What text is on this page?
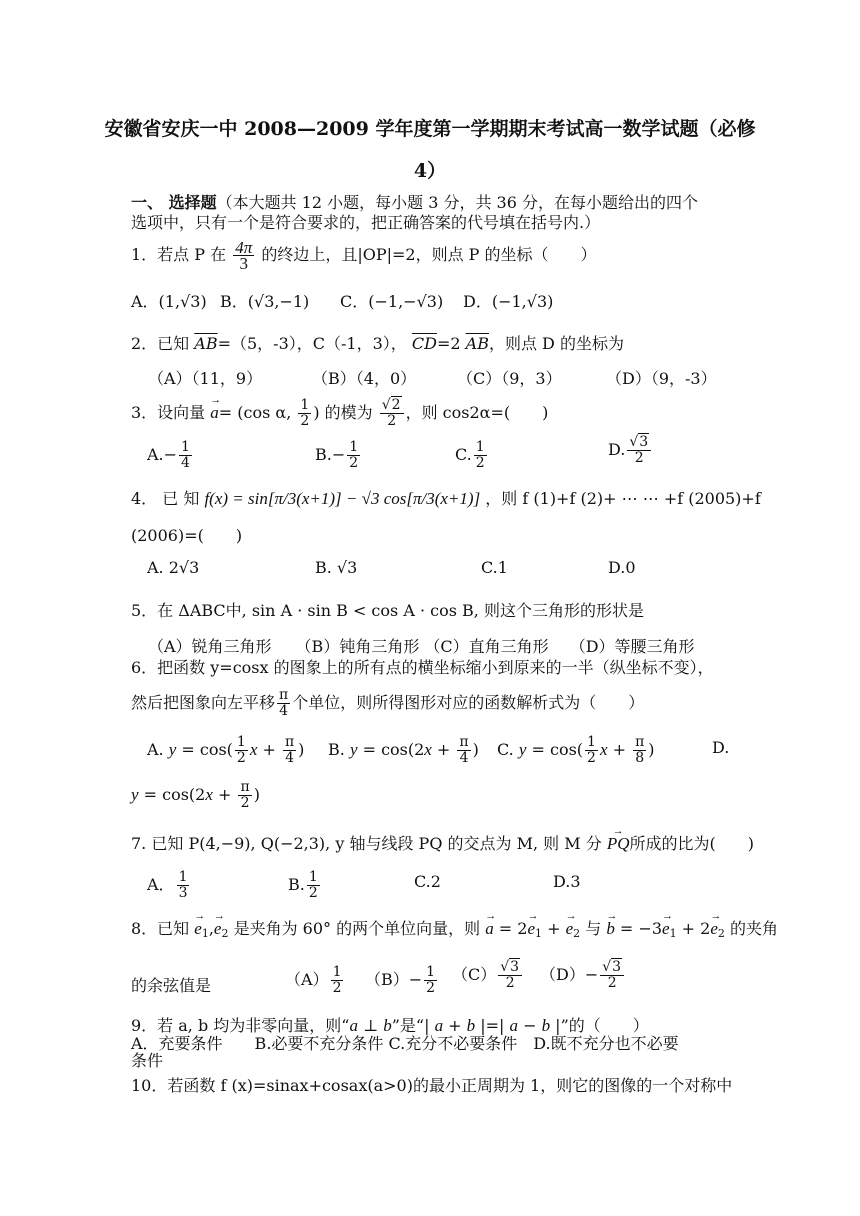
安徽省安庆一中 2008—2009 学年度第一学期期末考试高一数学试题（必修
4）
一、 选择题（本大题共 12 小题，每小题 3 分，共 36 分，在每小题给出的四个
选项中，只有一个是符合要求的，把正确答案的代号填在括号内.）
1．若点 P 在 $\frac{4\pi}{3}$ 的终边上，且|OP|=2，则点 P 的坐标（　　）
A．(1,√3) B．(√3,−1) C．(−1,−√3) D．(−1,√3)
2．已知 $\overline{AB}=(5$，-3），C（-1，3）， $\overline{CD}=2$ $\overline{AB}$，则点 D 的坐标为
（A）（11，9）	（B）（4，0）	（C）（9，3）	（D）（9，-3）
3．设向量 → a= (cos α, $\frac{1}{2}$ ) 的模为 $\frac{√2}{2}$ ，则 cos2α=(　　)
$A.- \frac{1}{4}$	$B.- \frac{1}{2}$	C. $\frac{1}{2}$	D. $\frac{√3}{2}$
4． 已 知 f(x) = sin[π/3(x+1)] − √3 cos[π/3(x+1)] ，则 f (1)+f (2)+ ⋯ ⋯ +f (2005)+f
(2006)=(　　)
A. 2√3	B. √3	C.1	D.0
5．在 ΔABC中, sin A · sin B < cos A · cos B, 则这个三角形的形状是
（A）锐角三角形　　（B）钝角三角形 （C）直角三角形　 （D）等腰三角形
6．把函数 y=cosx 的图象上的所有点的横坐标缩小到原来的一半（纵坐标不变），
然后把图象向左平移 $\frac{\pi}{4}$ 个单位，则所得图形对应的函数解析式为（　　）
A. $y = \cos( \frac{1}{2}$ $x + \frac{\pi}{4}$ ) B. $y = \cos(2x + \frac{\pi}{4}$ ) C. $y = \cos( \frac{1}{2}$ $x + \frac{\pi}{8}$ )	D.
$y = \cos(2x + \frac{\pi}{2}$ )
7. 已知 P(4,−9), Q(−2,3), y 轴与线段 PQ 的交点为 M, 则 M 分 → PQ所成的比为(　　)
A． $\frac{1}{3}$	B. $\frac{1}{2}$	C.2	D.3
8．已知 → $e_1,\to e_2$ 是夹角为 60° 的两个单位向量，则 → $a = 2\to e_1$ + → $e_2$ 与 → $b = -3\to e_1 + 2\to e_2$ 的夹角
的余弦值是	$(A) \frac{1}{2} (B)- \frac{1}{2} (C) \frac{√3}{2} (D)- \frac{√3}{2}$
9．若 a, b 均为非零向量，则“a ⊥ b”是“| a + b |=| a − b |”的（　　）
A．充要条件　　B.必要不充分条件 C.充分不必要条件　D.既不充分也不必要
条件
10．若函数 f (x)=sinax+cosax(a>0)的最小正周期为 1，则它的图像的一个对称中
